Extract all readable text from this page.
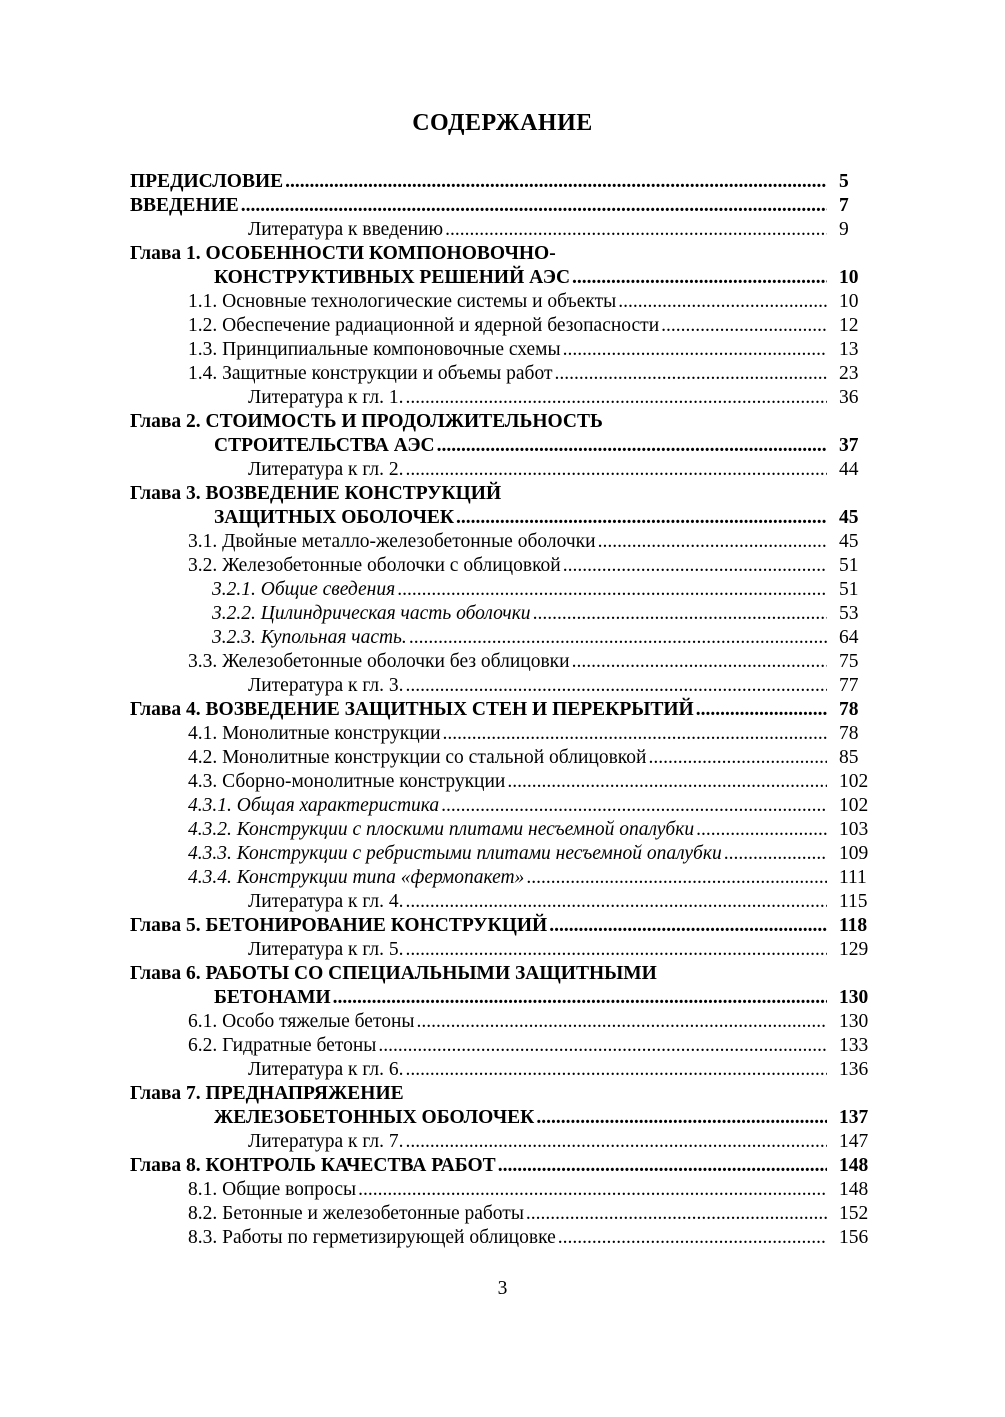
СОДЕРЖАНИЕ
ПРЕДИСЛОВИЕ .....	5
ВВЕДЕНИЕ .....	7
Литература к введению .....	9
Глава 1. ОСОБЕННОСТИ КОМПОНОВОЧНО-
КОНСТРУКТИВНЫХ РЕШЕНИЙ АЭС .....	10
1.1. Основные технологические системы и объекты .....	10
1.2. Обеспечение радиационной и ядерной безопасности .....	12
1.3. Принципиальные компоновочные схемы .....	13
1.4. Защитные конструкции и объемы работ .....	23
Литература к гл. 1. .....	36
Глава 2. СТОИМОСТЬ И ПРОДОЛЖИТЕЛЬНОСТЬ
СТРОИТЕЛЬСТВА АЭС .....	37
Литература к гл. 2. .....	44
Глава 3. ВОЗВЕДЕНИЕ КОНСТРУКЦИЙ
ЗАЩИТНЫХ ОБОЛОЧЕК .....	45
3.1. Двойные металло-железобетонные оболочки .....	45
3.2. Железобетонные оболочки с облицовкой .....	51
3.2.1. Общие сведения .....	51
3.2.2. Цилиндрическая часть оболочки .....	53
3.2.3. Купольная часть. .....	64
3.3. Железобетонные оболочки без облицовки .....	75
Литература к гл. 3. .....	77
Глава 4. ВОЗВЕДЕНИЕ ЗАЩИТНЫХ СТЕН И ПЕРЕКРЫТИЙ .....	78
4.1. Монолитные конструкции .....	78
4.2. Монолитные конструкции со стальной облицовкой .....	85
4.3. Сборно-монолитные конструкции .....	102
4.3.1. Общая характеристика .....	102
4.3.2. Конструкции с плоскими плитами несъемной опалубки .....	103
4.3.3. Конструкции с ребристыми плитами несъемной опалубки .....	109
4.3.4. Конструкции типа «фермопакет» .....	111
Литература к гл. 4. .....	115
Глава 5. БЕТОНИРОВАНИЕ КОНСТРУКЦИЙ .....	118
Литература к гл. 5. .....	129
Глава 6. РАБОТЫ СО СПЕЦИАЛЬНЫМИ ЗАЩИТНЫМИ
БЕТОНАМИ .....	130
6.1. Особо тяжелые бетоны .....	130
6.2. Гидратные бетоны .....	133
Литература к гл. 6. .....	136
Глава 7. ПРЕДНАПРЯЖЕНИЕ
ЖЕЛЕЗОБЕТОННЫХ ОБОЛОЧЕК .....	137
Литература к гл. 7. .....	147
Глава 8. КОНТРОЛЬ КАЧЕСТВА РАБОТ .....	148
8.1. Общие вопросы .....	148
8.2. Бетонные и железобетонные работы .....	152
8.3. Работы по герметизирующей облицовке .....	156
3
